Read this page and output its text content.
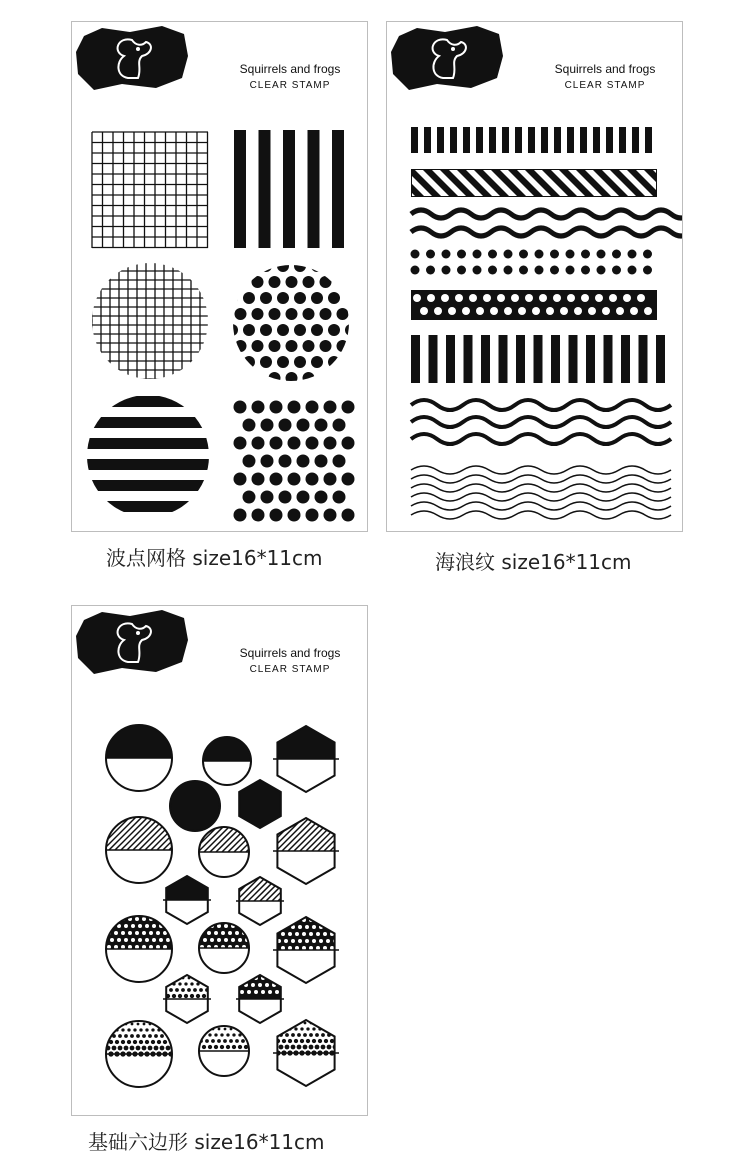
Squirrels and frogs
CLEAR STAMP
波点网格 size16*11cm
Squirrels and frogs
CLEAR STAMP
海浪纹 size16*11cm
Squirrels and frogs
CLEAR STAMP
基础六边形 size16*11cm
